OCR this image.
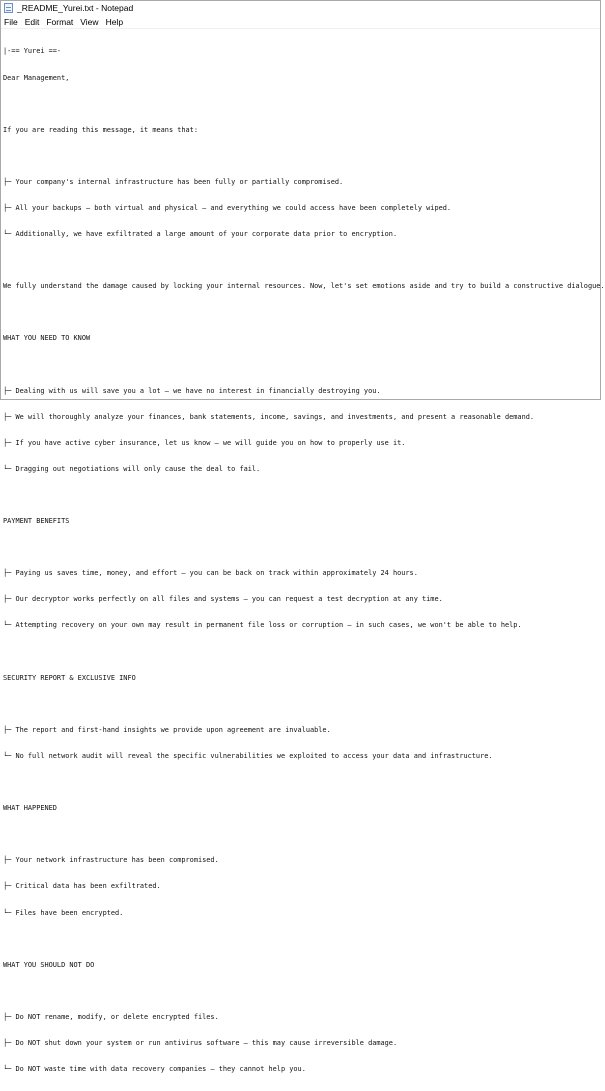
_README_Yurei.txt - Notepad
File Edit Format View Help

|-== Yurei ==-

Dear Management,

If you are reading this message, it means that:

├─ Your company's internal infrastructure has been fully or partially compromised.

├─ All your backups — both virtual and physical — and everything we could access have been completely wiped.

└─ Additionally, we have exfiltrated a large amount of your corporate data prior to encryption.

We fully understand the damage caused by locking your internal resources. Now, let's set emotions aside and try to build a constructive dialogue.

WHAT YOU NEED TO KNOW

├─ Dealing with us will save you a lot — we have no interest in financially destroying you.

├─ We will thoroughly analyze your finances, bank statements, income, savings, and investments, and present a reasonable demand.

├─ If you have active cyber insurance, let us know — we will guide you on how to properly use it.

└─ Dragging out negotiations will only cause the deal to fail.

PAYMENT BENEFITS

├─ Paying us saves time, money, and effort — you can be back on track within approximately 24 hours.

├─ Our decryptor works perfectly on all files and systems — you can request a test decryption at any time.

└─ Attempting recovery on your own may result in permanent file loss or corruption — in such cases, we won't be able to help.

SECURITY REPORT & EXCLUSIVE INFO

├─ The report and first-hand insights we provide upon agreement are invaluable.

└─ No full network audit will reveal the specific vulnerabilities we exploited to access your data and infrastructure.

WHAT HAPPENED

├─ Your network infrastructure has been compromised.

├─ Critical data has been exfiltrated.

└─ Files have been encrypted.

WHAT YOU SHOULD NOT DO

├─ Do NOT rename, modify, or delete encrypted files.

├─ Do NOT shut down your system or run antivirus software — this may cause irreversible damage.

└─ Do NOT waste time with data recovery companies — they cannot help you.
